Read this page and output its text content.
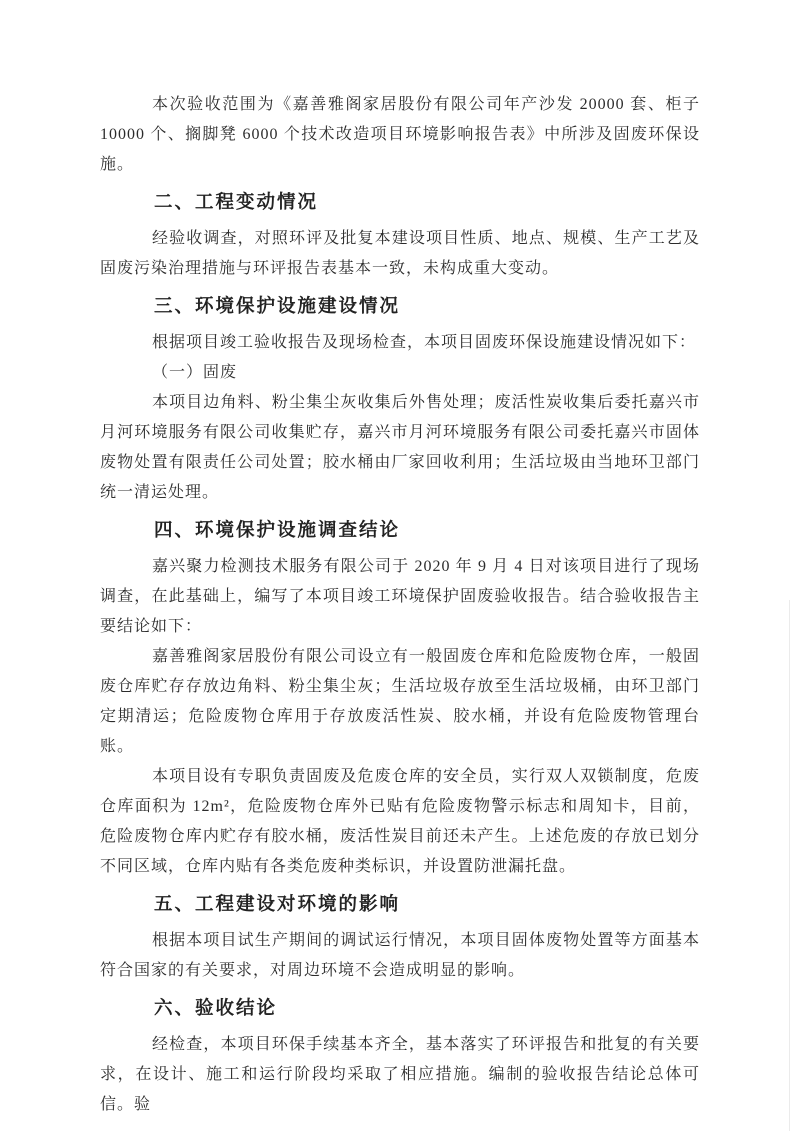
本次验收范围为《嘉善雅阁家居股份有限公司年产沙发 20000 套、柜子 10000 个、搁脚凳 6000 个技术改造项目环境影响报告表》中所涉及固废环保设施。

二、工程变动情况

经验收调查，对照环评及批复本建设项目性质、地点、规模、生产工艺及固废污染治理措施与环评报告表基本一致，未构成重大变动。

三、环境保护设施建设情况

根据项目竣工验收报告及现场检查，本项目固废环保设施建设情况如下：

（一）固废

本项目边角料、粉尘集尘灰收集后外售处理；废活性炭收集后委托嘉兴市月河环境服务有限公司收集贮存，嘉兴市月河环境服务有限公司委托嘉兴市固体废物处置有限责任公司处置；胶水桶由厂家回收利用；生活垃圾由当地环卫部门统一清运处理。

四、环境保护设施调查结论

嘉兴聚力检测技术服务有限公司于 2020 年 9 月 4 日对该项目进行了现场调查，在此基础上，编写了本项目竣工环境保护固废验收报告。结合验收报告主要结论如下：

嘉善雅阁家居股份有限公司设立有一般固废仓库和危险废物仓库，一般固废仓库贮存存放边角料、粉尘集尘灰；生活垃圾存放至生活垃圾桶，由环卫部门定期清运；危险废物仓库用于存放废活性炭、胶水桶，并设有危险废物管理台账。

本项目设有专职负责固废及危废仓库的安全员，实行双人双锁制度，危废仓库面积为 12m²，危险废物仓库外已贴有危险废物警示标志和周知卡，目前，危险废物仓库内贮存有胶水桶，废活性炭目前还未产生。上述危废的存放已划分不同区域，仓库内贴有各类危废种类标识，并设置防泄漏托盘。

五、工程建设对环境的影响

根据本项目试生产期间的调试运行情况，本项目固体废物处置等方面基本符合国家的有关要求，对周边环境不会造成明显的影响。

六、验收结论

经检查，本项目环保手续基本齐全，基本落实了环评报告和批复的有关要求，在设计、施工和运行阶段均采取了相应措施。编制的验收报告结论总体可信。验
